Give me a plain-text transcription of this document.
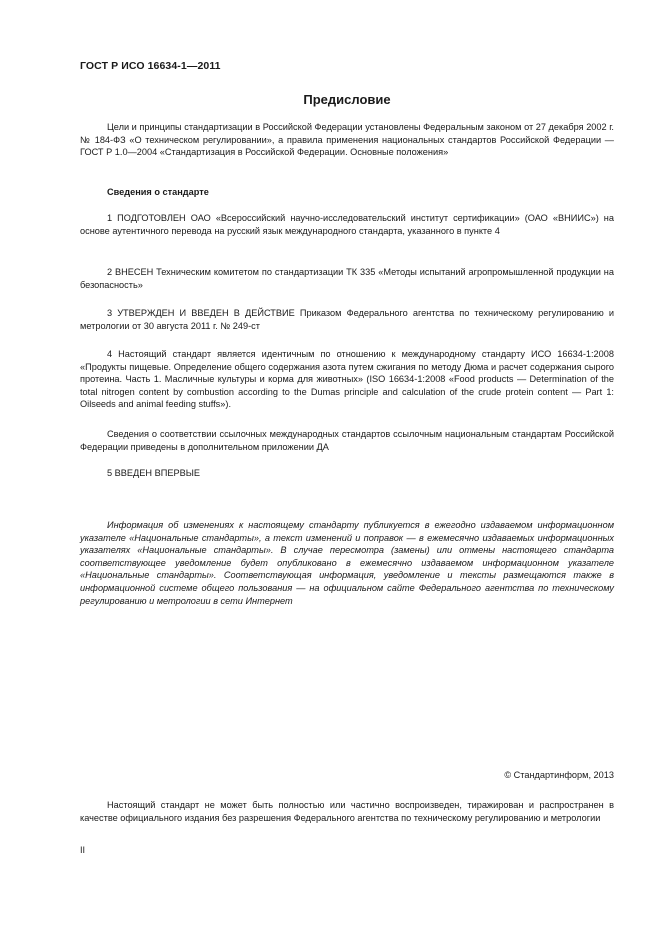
ГОСТ Р ИСО 16634-1—2011
Предисловие

Цели и принципы стандартизации в Российской Федерации установлены Федеральным законом от 27 декабря 2002 г. № 184-ФЗ «О техническом регулировании», а правила применения национальных стандартов Российской Федерации — ГОСТ Р 1.0—2004 «Стандартизация в Российской Федерации. Основные положения»

Сведения о стандарте

1 ПОДГОТОВЛЕН ОАО «Всероссийский научно-исследовательский институт сертификации» (ОАО «ВНИИС») на основе аутентичного перевода на русский язык международного стандарта, указанного в пункте 4

2 ВНЕСЕН Техническим комитетом по стандартизации ТК 335 «Методы испытаний агропромышленной продукции на безопасность»

3 УТВЕРЖДЕН И ВВЕДЕН В ДЕЙСТВИЕ Приказом Федерального агентства по техническому регулированию и метрологии от 30 августа 2011 г. № 249-ст

4 Настоящий стандарт является идентичным по отношению к международному стандарту ИСО 16634-1:2008 «Продукты пищевые. Определение общего содержания азота путем сжигания по методу Дюма и расчет содержания сырого протеина. Часть 1. Масличные культуры и корма для животных» (ISO 16634-1:2008 «Food products — Determination of the total nitrogen content by combustion according to the Dumas principle and calculation of the crude protein content — Part 1: Oilseeds and animal feeding stuffs»).

Сведения о соответствии ссылочных международных стандартов ссылочным национальным стандартам Российской Федерации приведены в дополнительном приложении ДА

5 ВВЕДЕН ВПЕРВЫЕ

Информация об изменениях к настоящему стандарту публикуется в ежегодно издаваемом информационном указателе «Национальные стандарты», а текст изменений и поправок — в ежемесячно издаваемых информационных указателях «Национальные стандарты». В случае пересмотра (замены) или отмены настоящего стандарта соответствующее уведомление будет опубликовано в ежемесячно издаваемом информационном указателе «Национальные стандарты». Соответствующая информация, уведомление и тексты размещаются также в информационной системе общего пользования — на официальном сайте Федерального агентства по техническому регулированию и метрологии в сети Интернет

© Стандартинформ, 2013

Настоящий стандарт не может быть полностью или частично воспроизведен, тиражирован и распространен в качестве официального издания без разрешения Федерального агентства по техническому регулированию и метрологии

II
